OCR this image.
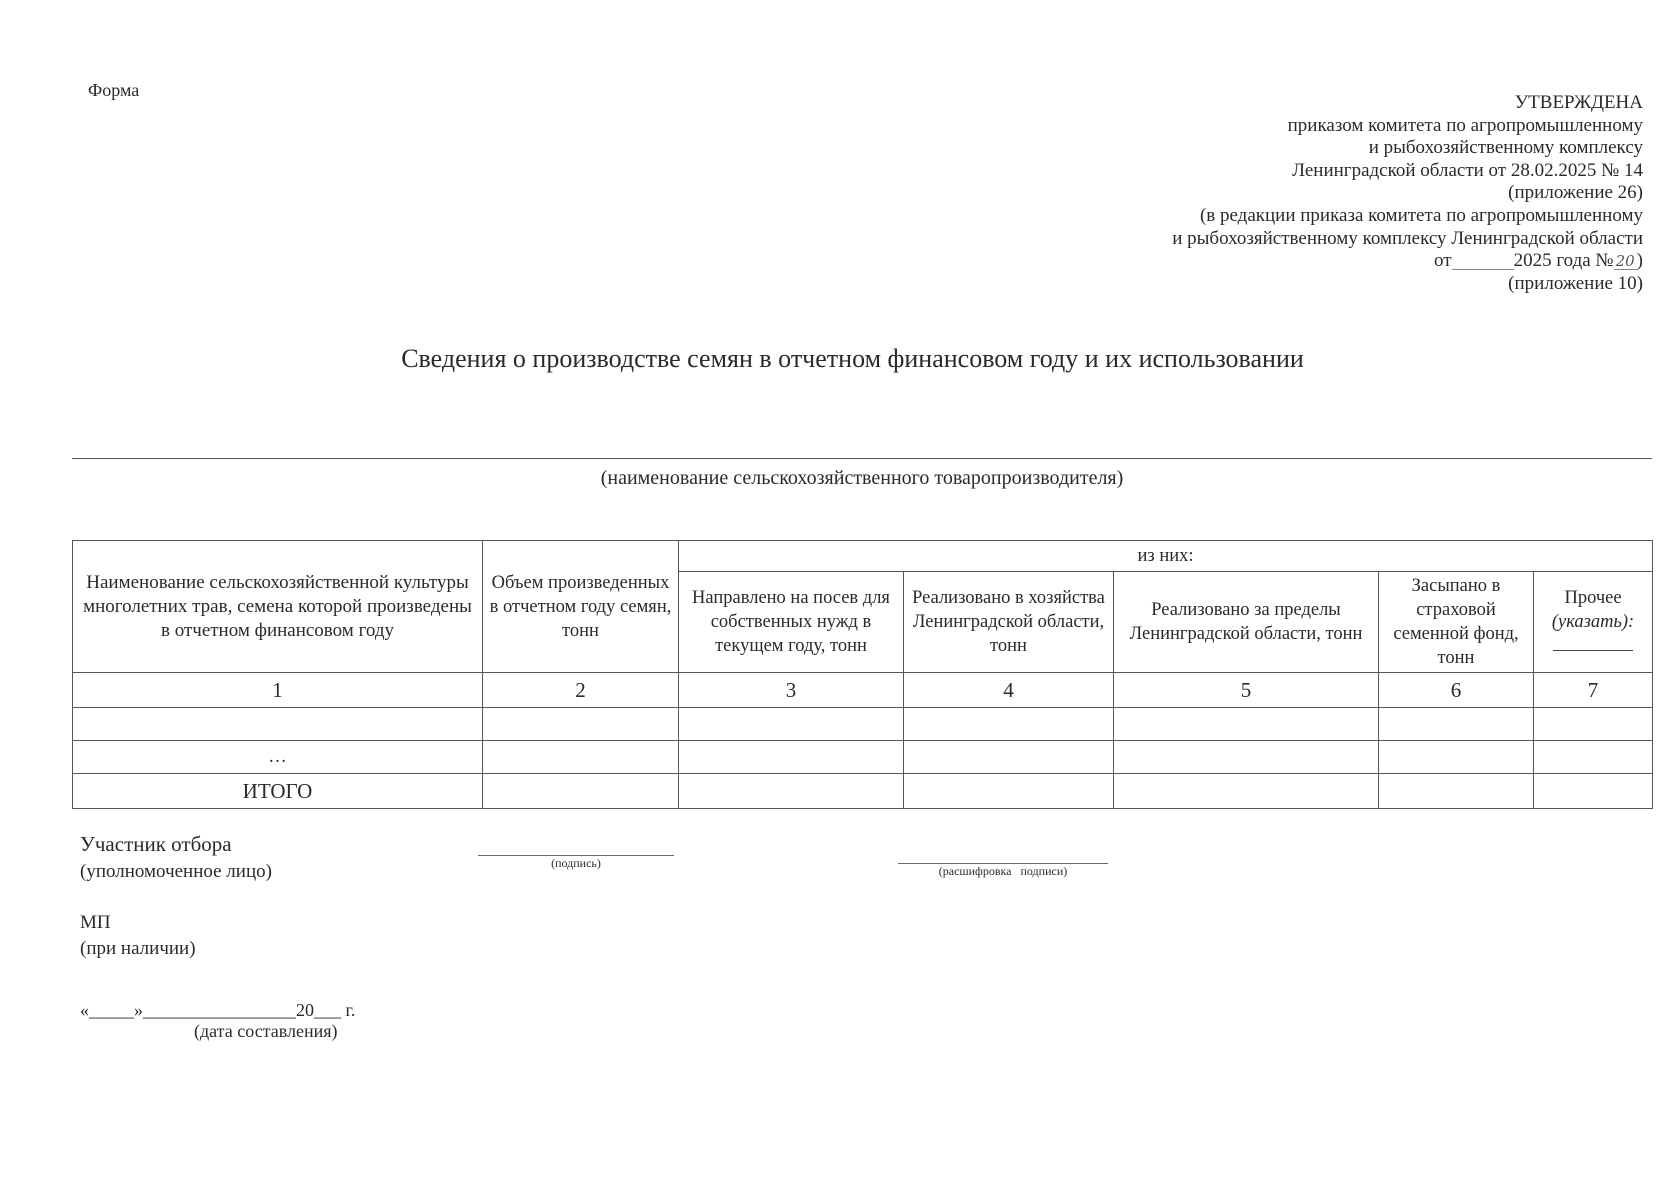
Форма
УТВЕРЖДЕНА
приказом комитета по агропромышленному
и рыбохозяйственному комплексу
Ленинградской области от 28.02.2025 № 14
(приложение 26)
(в редакции приказа комитета по агропромышленному
и рыбохозяйственному комплексу Ленинградской области
от	2025 года № 20 )
(приложение 10)
Сведения о производстве семян в отчетном финансовом году и их использовании
(наименование сельскохозяйственного товаропроизводителя)
Наименование сельскохозяйственной культуры многолетних трав, семена которой произведены в отчетном финансовом году	Объем произведенных в отчетном году семян, тонн	из них:				
		Направлено на посев для собственных нужд в текущем году, тонн	Реализовано в хозяйства Ленинградской области, тонн	Реализовано за пределы Ленинградской области, тонн	Засыпано в страховой семенной фонд, тонн	Прочее
(указать):

1	2	3	4	5	6	7

…						
ИТОГО						
Участник отбора
(уполномоченное лицо)	(подпись)
(расшифровка   подписи)
МП
(при наличии)
«_____»_________________20___ г.
(дата составления)
